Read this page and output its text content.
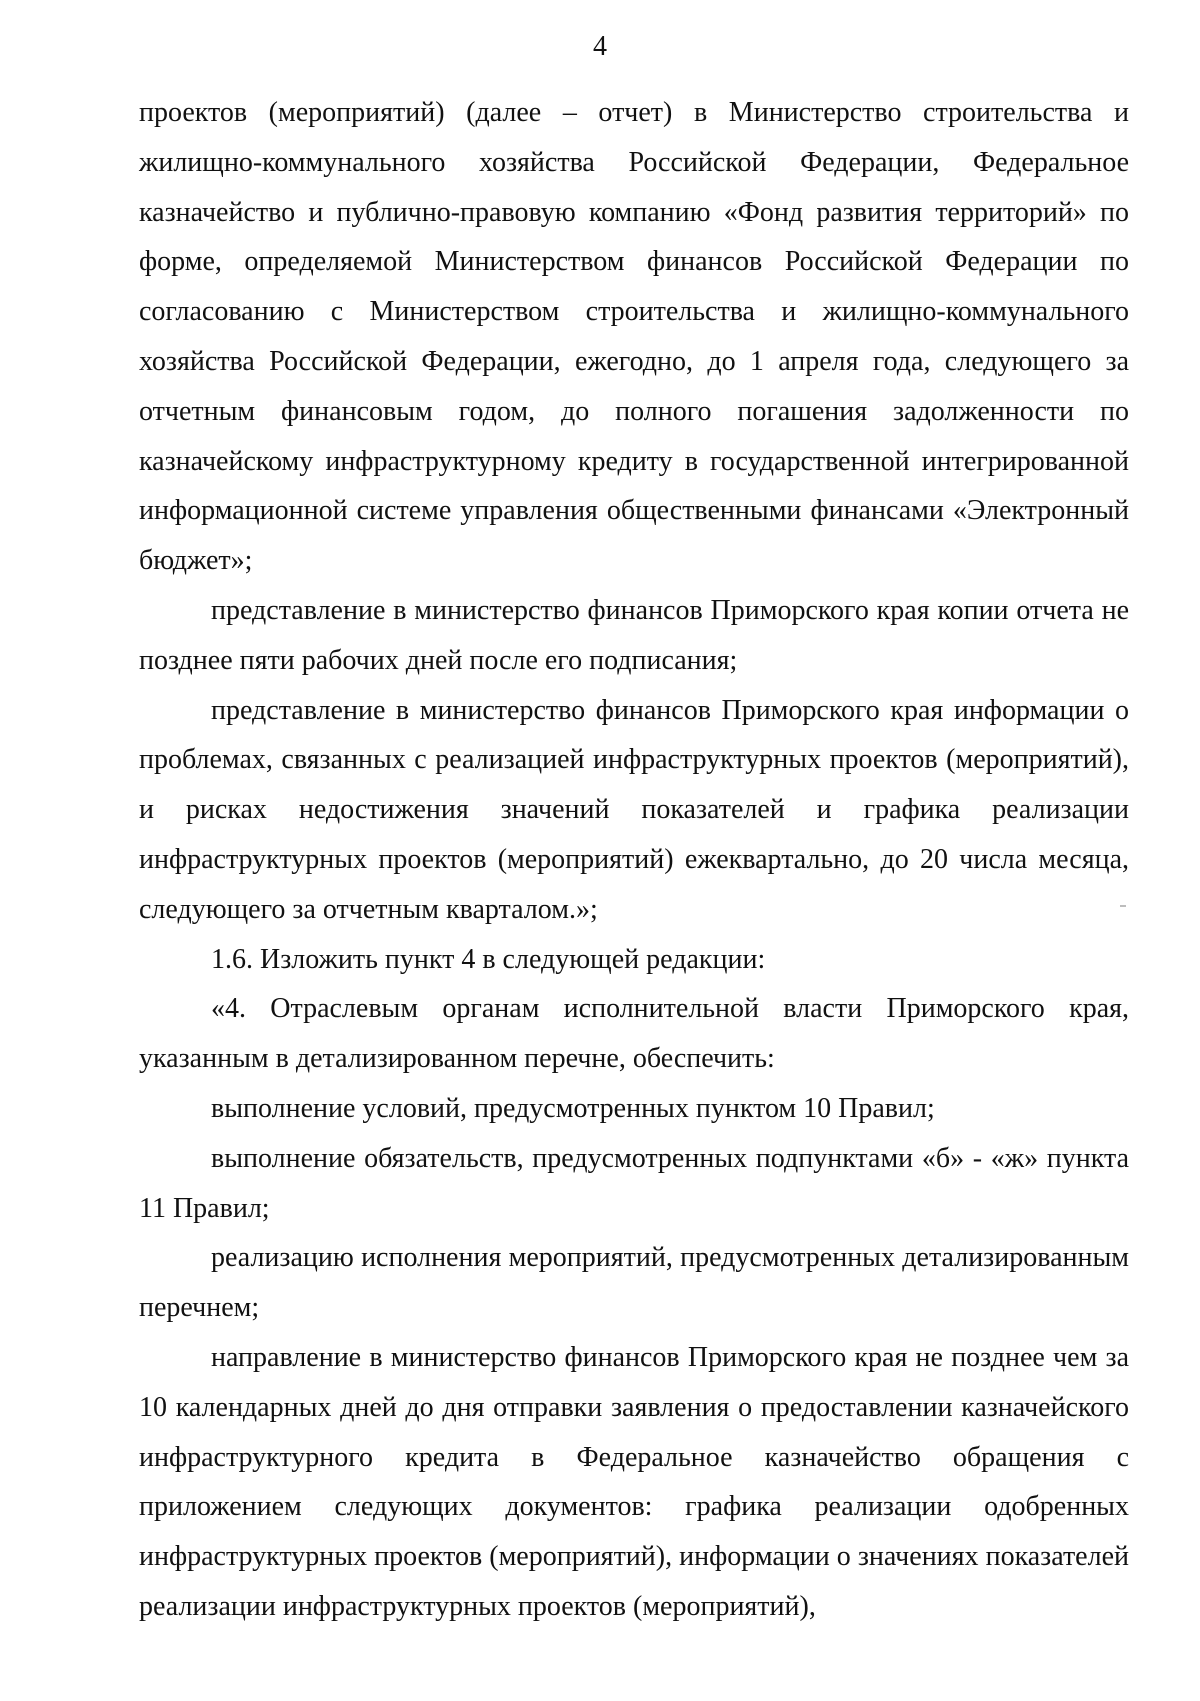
4

проектов (мероприятий) (далее – отчет) в Министерство строительства и жилищно-коммунального хозяйства Российской Федерации, Федеральное казначейство и публично-правовую компанию «Фонд развития территорий» по форме, определяемой Министерством финансов Российской Федерации по согласованию с Министерством строительства и жилищно-коммунального хозяйства Российской Федерации, ежегодно, до 1 апреля года, следующего за отчетным финансовым годом, до полного погашения задолженности по казначейскому инфраструктурному кредиту в государственной интегрированной информационной системе управления общественными финансами «Электронный бюджет»;

представление в министерство финансов Приморского края копии отчета не позднее пяти рабочих дней после его подписания;

представление в министерство финансов Приморского края информации о проблемах, связанных с реализацией инфраструктурных проектов (мероприятий), и рисках недостижения значений показателей и графика реализации инфраструктурных проектов (мероприятий) ежеквартально, до 20 числа месяца, следующего за отчетным кварталом.»;

1.6. Изложить пункт 4 в следующей редакции:

«4. Отраслевым органам исполнительной власти Приморского края, указанным в детализированном перечне, обеспечить:

выполнение условий, предусмотренных пунктом 10 Правил;

выполнение обязательств, предусмотренных подпунктами «б» - «ж» пункта 11 Правил;

реализацию исполнения мероприятий, предусмотренных детализированным перечнем;

направление в министерство финансов Приморского края не позднее чем за 10 календарных дней до дня отправки заявления о предоставлении казначейского инфраструктурного кредита в Федеральное казначейство обращения с приложением следующих документов: графика реализации одобренных инфраструктурных проектов (мероприятий), информации о значениях показателей реализации инфраструктурных проектов (мероприятий),
